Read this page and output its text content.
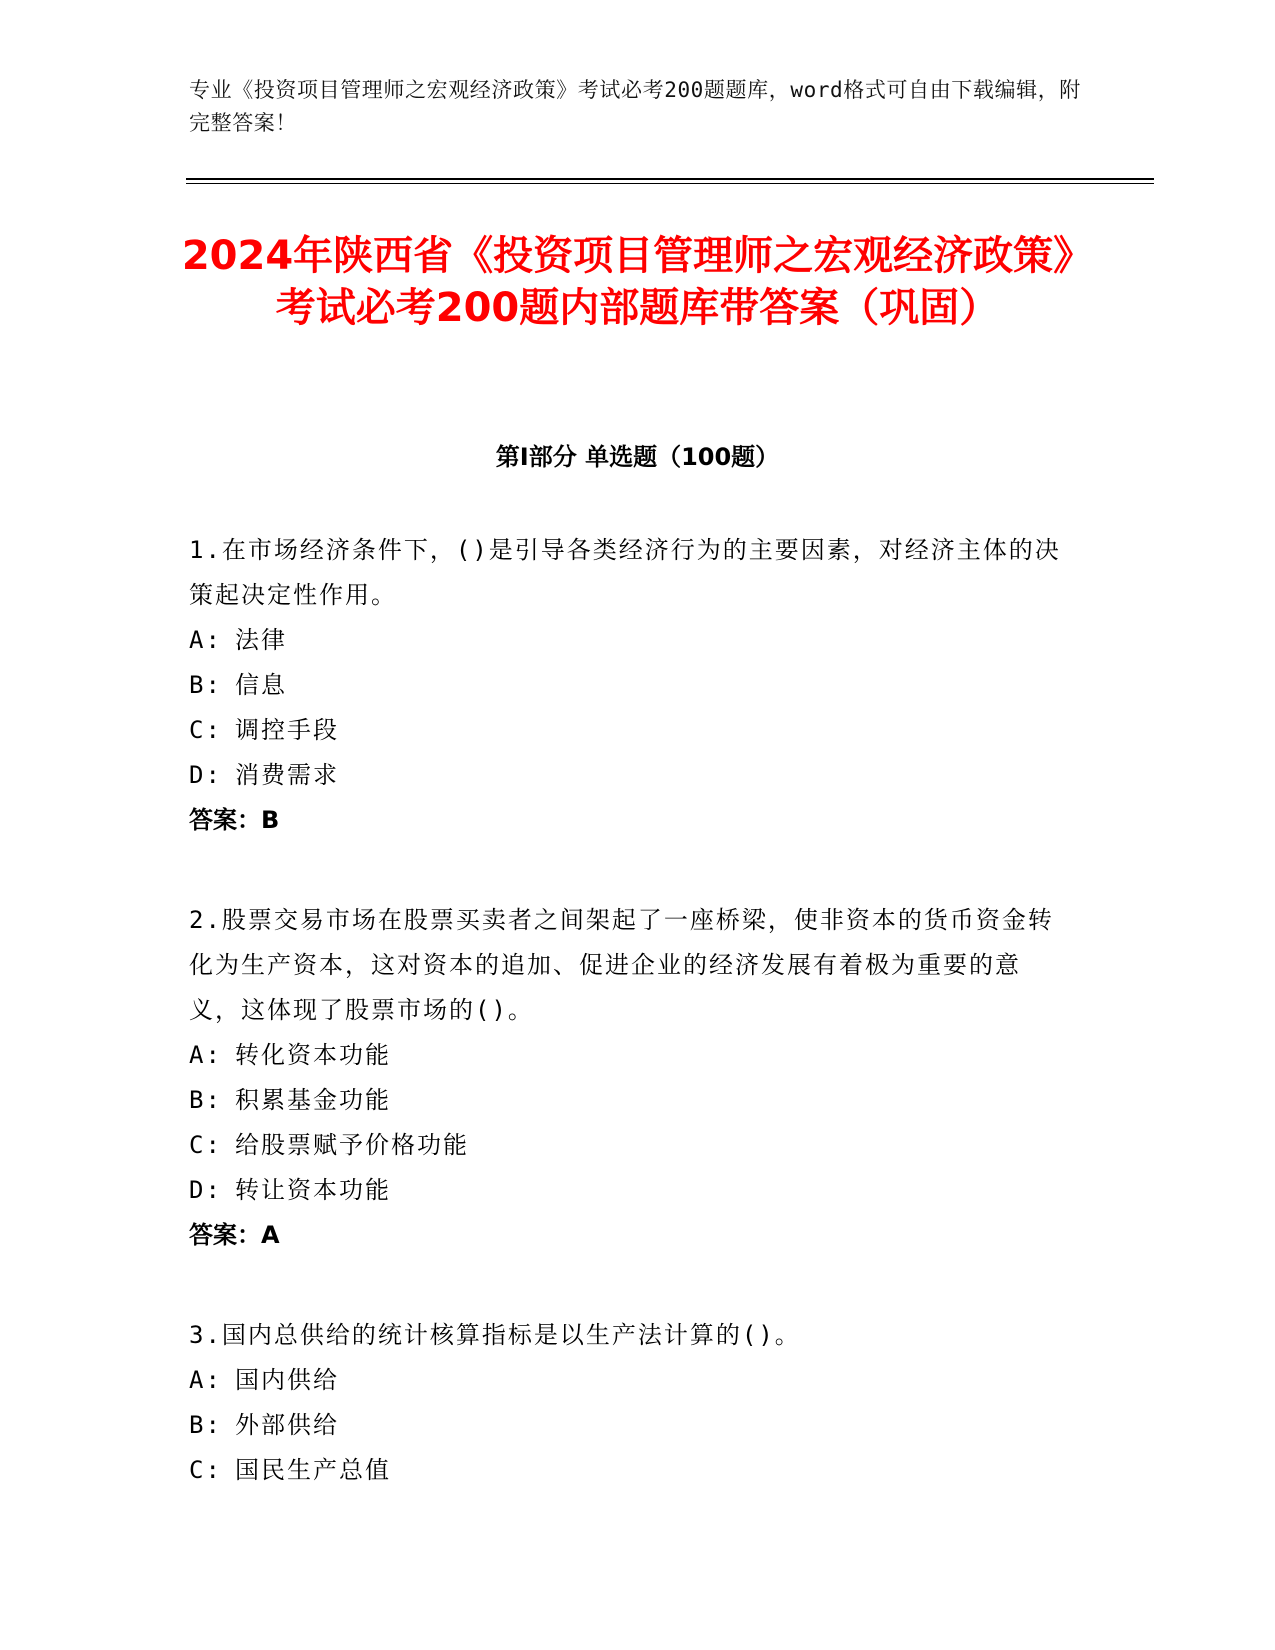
专业《投资项目管理师之宏观经济政策》考试必考200题题库，word格式可自由下载编辑，附完整答案！
2024年陕西省《投资项目管理师之宏观经济政策》考试必考200题内部题库带答案（巩固）
第I部分 单选题（100题）

1.在市场经济条件下，()是引导各类经济行为的主要因素，对经济主体的决策起决定性作用。

A: 法律
B: 信息
C: 调控手段
D: 消费需求
答案：B

2.股票交易市场在股票买卖者之间架起了一座桥梁，使非资本的货币资金转化为生产资本，这对资本的追加、促进企业的经济发展有着极为重要的意义，这体现了股票市场的()。

A: 转化资本功能
B: 积累基金功能
C: 给股票赋予价格功能
D: 转让资本功能
答案：A

3.国内总供给的统计核算指标是以生产法计算的()。

A: 国内供给
B: 外部供给
C: 国民生产总值
